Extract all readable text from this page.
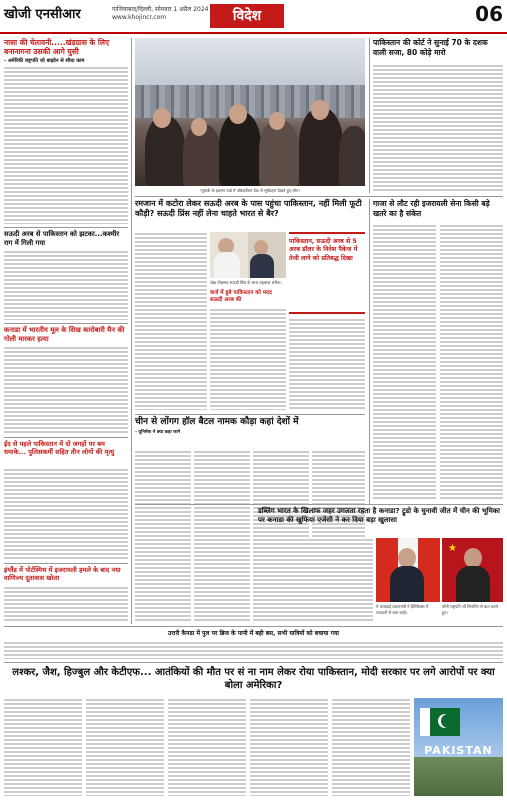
खोजी एनसीआर	गाजियाबाद/दिल्ली, सोमवार 1 अप्रैल 2024
www.khojincr.com	विदेश	06
नासा की चेतावनी.....खंडग्रास के लिए बनानागना उसकी आगे घुसी
- अमेरिकी राष्ट्रपति जो बाइडेन से सौधा काम
सऊदी अरब से पाकिस्तान को झटका...कश्मीर राग में गिली गया
कनाडा में भारतीय मूल के सिख कारोबारी मैन की गोली मारकर हत्या
ईद से पहले पाकिस्तान में दो जगहों पर बम धमाके... पुलिसकर्मी सहित तीन लोगों की मृत्यु
इंग्लैंड में पोर्टस्मिथ में इजरायली हमले के बाद नया वाणिज्य दूतावास खोला
न्यूयार्क के हडसन यार्ड में ऑब्जर्वेशन डेक से सूर्यग्रहण देखते हुए लोग।
पाकिस्तान की कोर्ट ने सुनाई 70 के दशक वाली सजा, 80 कोड़े मारो
रमजान में कटोरा लेकर सऊदी अरब के पास पहुंचा पाकिस्तान, नहीं मिली फूटी कौड़ी? सऊदी प्रिंस नहीं लेना चाहते भारत से बैर?
शेख़ मोहम्मद सऊदी प्रिंस के साथ शहबाज़ शरीफ।
कर्ज में डूबे पाकिस्तान को मदद सऊदी अरब की
पाकिस्तान, सऊदी अरब से 5 अरब डॉलर के निवेश पैकेज में तेजी लाने को प्रतिबद्ध दिखा
गाजा से लौट रही इजरायली सेना किसी बड़े खतरे का है संकेत
चीन से लोंगग हॉल बैटल नामक कौड़ा कहां देशों में
- यूनिसेफ ने क्या कहा जाने
डब्लिंग भारत के खिलाफ जहर उगलता रहता है कनाडा? ट्रूडो के चुनावी जीत में चीन की भूमिका पर कनाडा की खुफिया एजेंसी ने कर दिया बड़ा खुलासा
★
ये कनाडाई प्रधानमंत्री ने हैलिफैक्स में पत्रकारों से बात कही।
चीनी राष्ट्रपति शी जिनपिंग से बात करते हुए।
उत्तरी कैनडा में पुल पर ब्रिज के पानी में बही बस, सभी यात्रियों को बचाया गया
लश्कर, जैश, हिज्बुल और केटीएफ... आतंकियों की मौत पर सं ना नाम लेकर रोया पाकिस्तान, मोदी सरकार पर लगे आरोपों पर क्या बोला अमेरिका?
PAKISTAN
